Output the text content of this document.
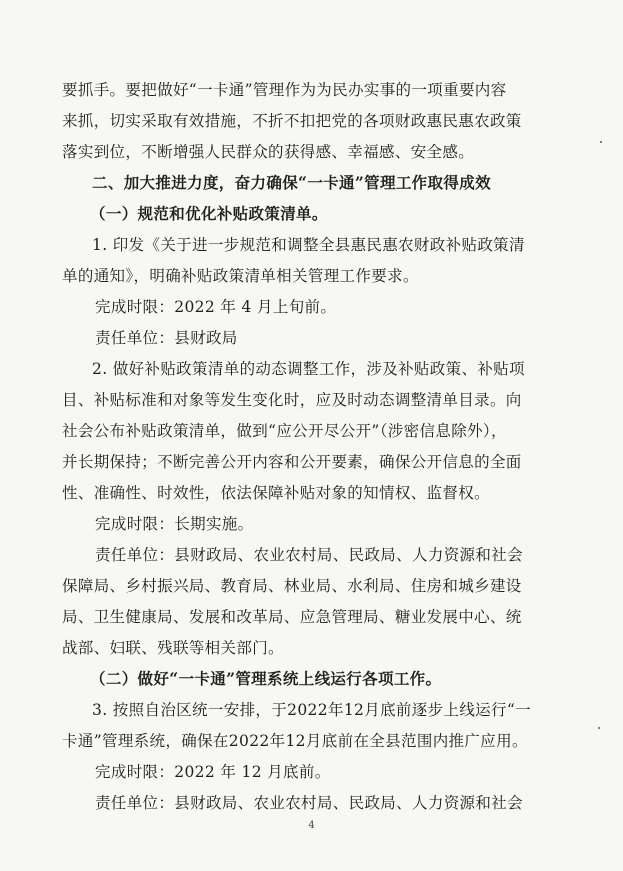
要抓手。要把做好“一卡通”管理作为为民办实事的一项重要内容
来抓，切实采取有效措施，不折不扣把党的各项财政惠民惠农政策
落实到位，不断增强人民群众的获得感、幸福感、安全感。
二、加大推进力度，奋力确保“一卡通”管理工作取得成效
（一）规范和优化补贴政策清单。
1. 印发《关于进一步规范和调整全县惠民惠农财政补贴政策清
单的通知》，明确补贴政策清单相关管理工作要求。
完成时限：2022 年 4 月上旬前。
责任单位：县财政局
2. 做好补贴政策清单的动态调整工作，涉及补贴政策、补贴项
目、补贴标准和对象等发生变化时，应及时动态调整清单目录。向
社会公布补贴政策清单，做到“应公开尽公开”（涉密信息除外），
并长期保持；不断完善公开内容和公开要素，确保公开信息的全面
性、准确性、时效性，依法保障补贴对象的知情权、监督权。
完成时限：长期实施。
责任单位：县财政局、农业农村局、民政局、人力资源和社会
保障局、乡村振兴局、教育局、林业局、水利局、住房和城乡建设
局、卫生健康局、发展和改革局、应急管理局、糖业发展中心、统
战部、妇联、残联等相关部门。
（二）做好“一卡通”管理系统上线运行各项工作。
3. 按照自治区统一安排，于2022年12月底前逐步上线运行“一
卡通”管理系统，确保在2022年12月底前在全县范围内推广应用。
完成时限：2022 年 12 月底前。
责任单位：县财政局、农业农村局、民政局、人力资源和社会
4
